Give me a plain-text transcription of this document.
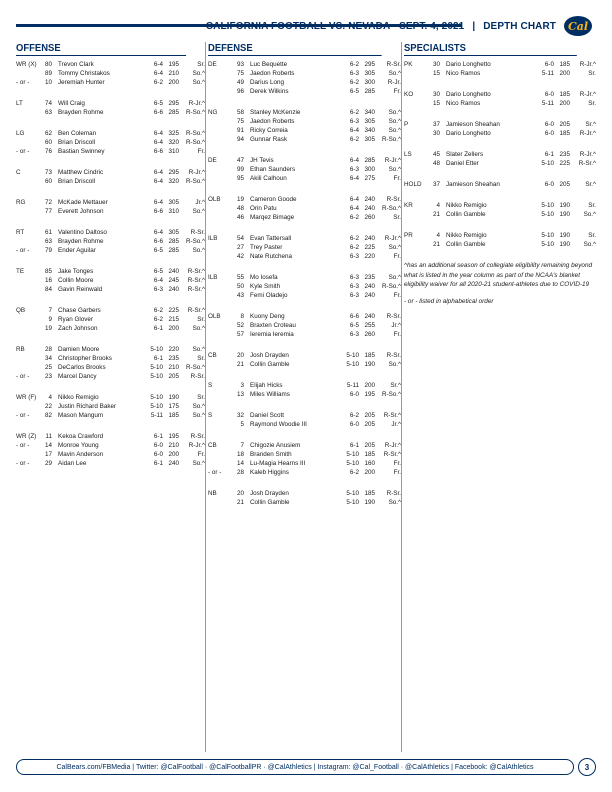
CALIFORNIA FOOTBALL VS. NEVADA · SEPT. 4, 2021 | DEPTH CHART	Cal
OFFENSE
WR (X)	80 Trevon Clark	6-4 195	Sr.
89 Tommy Christakos	6-4 210	So.^
- or -	10 Jeremiah Hunter	6-2 200	So.^
LT	74 Will Craig	6-5 295	R-Jr.^
63 Brayden Rohme	6-6 285	R-So.^
LG	62 Ben Coleman	6-4 325	R-So.^
60 Brian Driscoll	6-4 320	R-So.^
- or -	76 Bastian Swinney	6-6 310	Fr.
C	73 Matthew Cindric	6-4 295	R-Jr.^
60 Brian Driscoll	6-4 320	R-So.^
RG	72 McKade Mettauer	6-4 305	Jr.^
77 Everett Johnson	6-6 310	So.^
RT	61 Valentino Daltoso	6-4 305	R-Sr.
63 Brayden Rohme	6-6 285	R-So.^
- or -	79 Ender Aguilar	6-5 285	So.^
TE	85 Jake Tonges	6-5 240	R-Sr.^
16 Collin Moore	6-4 245	R-Sr.^
84 Gavin Reinwald	6-3 240	R-Sr.^
QB	7 Chase Garbers	6-2 225	R-Sr.^
9 Ryan Glover	6-2 215	Sr.
19 Zach Johnson	6-1 200	So.^
RB	28 Damien Moore	5-10 220	So.^
34 Christopher Brooks	6-1 235	Sr.
25 DeCarlos Brooks	5-10 210	R-So.^
- or -	23 Marcel Dancy	5-10 205	R-Sr.
WR (F)	4 Nikko Remigio	5-10 190	Sr.
22 Justin Richard Baker	5-10 175	So.^
- or -	82 Mason Mangum	5-11 185	So.^
WR (Z)	11 Kekoa Crawford	6-1 195	R-Sr.
- or -	14 Monroe Young	6-0 210	R-Jr.^
17 Mavin Anderson	6-0 200	Fr.
- or -	29 Aidan Lee	6-1 240	So.^
DEFENSE
DE	93 Luc Bequette	6-2 295	R-Sr.
75 Jaedon Roberts	6-3 305	So.^
49 Darius Long	6-2 300	R-Jr.
96 Derek Wilkins	6-5 285	Fr.
NG	58 Stanley McKenzie	6-2 340	So.^
75 Jaedon Roberts	6-3 305	So.^
91 Ricky Correia	6-4 340	So.^
94 Gunnar Rask	6-2 305	R-So.^
DE	47 JH Tevis	6-4 285	R-Jr.^
99 Ethan Saunders	6-3 300	So.^
95 Akili Calhoun	6-4 275	Fr.
OLB	19 Cameron Goode	6-4 240	R-Sr.
48 Orin Patu	6-4 240	R-So.^
46 Marqez Bimage	6-2 260	Sr.
ILB	54 Evan Tattersall	6-2 240	R-Jr.^
27 Trey Paster	6-2 225	So.^
42 Nate Rutchena	6-3 220	Fr.
ILB	55 Mo Iosefa	6-3 235	So.^
50 Kyle Smith	6-3 240	R-So.^
43 Femi Oladejo	6-3 240	Fr.
OLB	8 Kuony Deng	6-6 240	R-Sr.
52 Braxten Croteau	6-5 255	Jr.^
57 Ieremia Ieremia	6-3 260	Fr.
CB	20 Josh Drayden	5-10 185	R-Sr.
21 Collin Gamble	5-10 190	So.^
S	3 Elijah Hicks	5-11 200	Sr.^
13 Miles Williams	6-0 195	R-So.^
S	32 Daniel Scott	6-2 205	R-Sr.^
5 Raymond Woodie III	6-0 205	Jr.^
CB	7 Chigozie Anusiem	6-1 205	R-Jr.^
18 Branden Smith	5-10 185	R-Sr.^
14 Lu-Magia Hearns III	5-10 160	Fr.
- or -	28 Kaleb Higgins	6-2 200	Fr.
NB	20 Josh Drayden	5-10 185	R-Sr.
21 Collin Gamble	5-10 190	So.^
SPECIALISTS
PK	30 Dario Longhetto	6-0 185	R-Jr.^
15 Nico Ramos	5-11 200	Sr.
KO	30 Dario Longhetto	6-0 185	R-Jr.^
15 Nico Ramos	5-11 200	Sr.
P	37 Jamieson Sheahan	6-0 205	Sr.^
30 Dario Longhetto	6-0 185	R-Jr.^
LS	45 Slater Zellers	6-1 235	R-Jr.^
48 Daniel Etter	5-10 225	R-Sr.^
HOLD	37 Jamieson Sheahan	6-0 205	Sr.^
KR	4 Nikko Remigio	5-10 190	Sr.
21 Collin Gamble	5-10 190	So.^
PR	4 Nikko Remigio	5-10 190	Sr.
21 Collin Gamble	5-10 190	So.^
^has an additional season of collegiate eligibility remaining beyond what is listed in the year column as part of the NCAA's blanket eligibility waiver for all 2020-21 student-athletes due to COVID-19
- or - listed in alphabetical order
CalBears.com/FBMedia | Twitter: @CalFootball · @CalFootballPR · @CalAthletics | Instagram: @Cal_Football · @CalAthletics | Facebook: @CalAthletics	3
